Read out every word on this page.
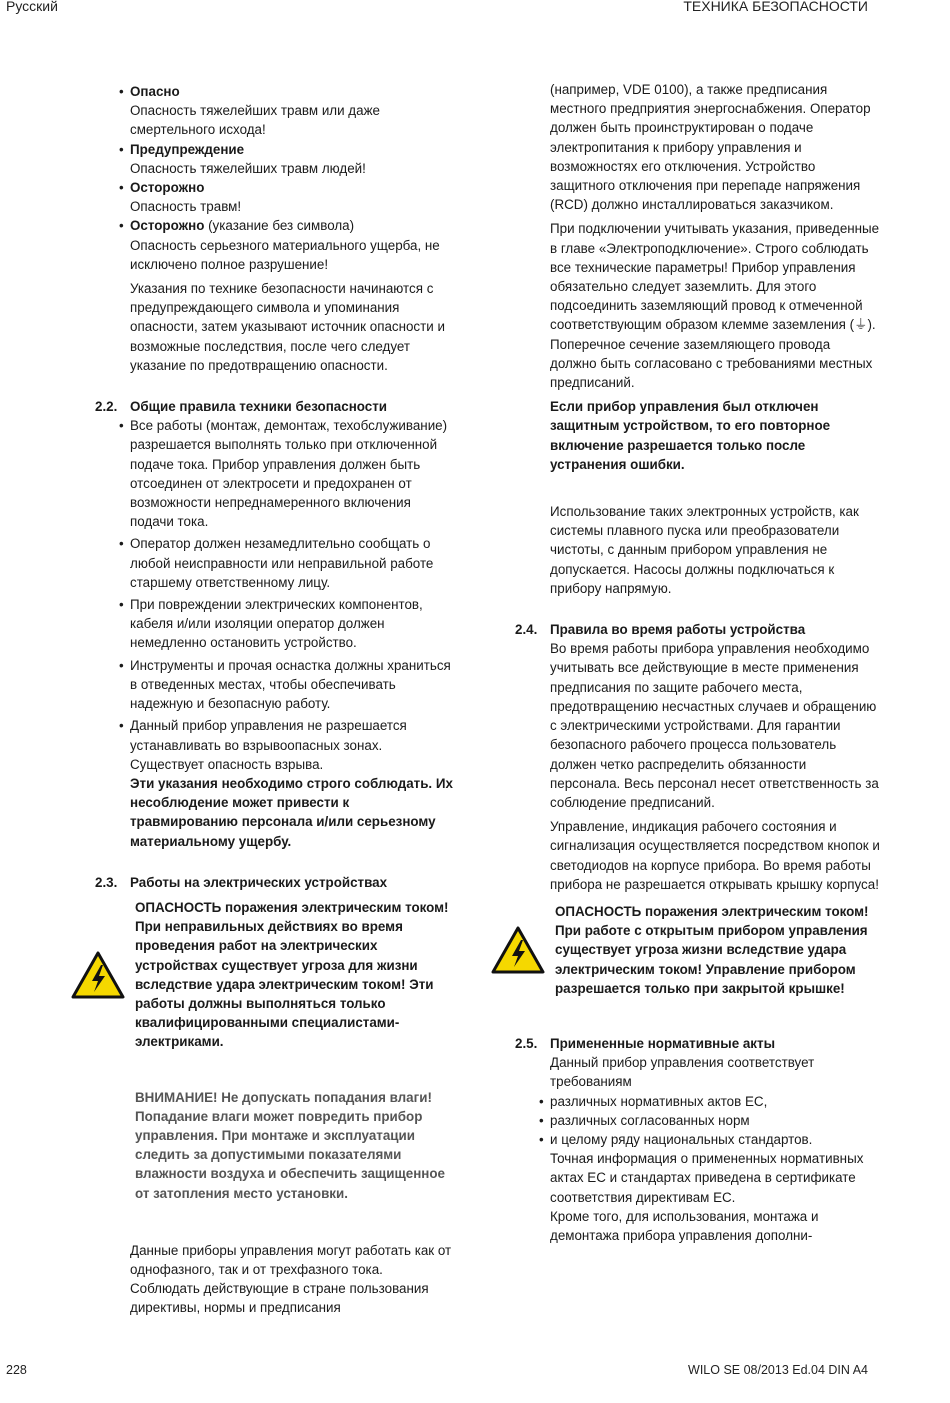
Русский	ТЕХНИКА БЕЗОПАСНОСТИ
• Опасно
Опасность тяжелейших травм или даже смертельного исхода!
• Предупреждение
Опасность тяжелейших травм людей!
• Осторожно
Опасность травм!
• Осторожно (указание без символа)
Опасность серьезного материального ущерба, не исключено полное разрушение!

Указания по технике безопасности начинаются с предупреждающего символа и упоминания опасности, затем указывают источник опасности и возможные последствия, после чего следует указание по предотвращению опасности.

2.2. Общие правила техники безопасности
• Все работы (монтаж, демонтаж, техобслуживание) разрешается выполнять только при отключенной подаче тока. Прибор управления должен быть отсоединен от электросети и предохранен от возможности непреднамеренного включения подачи тока.
• Оператор должен незамедлительно сообщать о любой неисправности или неправильной работе старшему ответственному лицу.
• При повреждении электрических компонентов, кабеля и/или изоляции оператор должен немедленно остановить устройство.
• Инструменты и прочая оснастка должны храниться в отведенных местах, чтобы обеспечивать надежную и безопасную работу.
• Данный прибор управления не разрешается устанавливать во взрывоопасных зонах. Существует опасность взрыва.

Эти указания необходимо строго соблюдать. Их несоблюдение может привести к травмированию персонала и/или серьезному материальному ущербу.

2.3. Работы на электрических устройствах

ОПАСНОСТЬ поражения электрическим током!
При неправильных действиях во время проведения работ на электрических устройствах существует угроза для жизни вследствие удара электрическим током! Эти работы должны выполняться только квалифицированными специалистами-электриками.

ВНИМАНИЕ! Не допускать попадания влаги! Попадание влаги может повредить прибор управления. При монтаже и эксплуатации следить за допустимыми показателями влажности воздуха и обеспечить защищенное от затопления место установки.

Данные приборы управления могут работать как от однофазного, так и от трехфазного тока. Соблюдать действующие в стране пользования директивы, нормы и предписания

(например, VDE 0100), а также предписания местного предприятия энергоснабжения. Оператор должен быть проинструктирован о подаче электропитания к прибору управления и возможностях его отключения. Устройство защитного отключения при перепаде напряжения (RCD) должно инсталлироваться заказчиком.

При подключении учитывать указания, приведенные в главе «Электроподключение». Строго соблюдать все технические параметры! Прибор управления обязательно следует заземлить. Для этого подсоединить заземляющий провод к отмеченной соответствующим образом клемме заземления (⏚). Поперечное сечение заземляющего провода должно быть согласовано с требованиями местных предписаний.

Если прибор управления был отключен защитным устройством, то его повторное включение разрешается только после устранения ошибки.

Использование таких электронных устройств, как системы плавного пуска или преобразователи чистоты, с данным прибором управления не допускается. Насосы должны подключаться к прибору напрямую.

2.4. Правила во время работы устройства

Во время работы прибора управления необходимо учитывать все действующие в месте применения предписания по защите рабочего места, предотвращению несчастных случаев и обращению с электрическими устройствами. Для гарантии безопасного рабочего процесса пользователь должен четко распределить обязанности персонала. Весь персонал несет ответственность за соблюдение предписаний.

Управление, индикация рабочего состояния и сигнализация осуществляется посредством кнопок и светодиодов на корпусе прибора. Во время работы прибора не разрешается открывать крышку корпуса!

ОПАСНОСТЬ поражения электрическим током!
При работе с открытым прибором управления существует угроза жизни вследствие удара электрическим током! Управление прибором разрешается только при закрытой крышке!

2.5. Примененные нормативные акты

Данный прибор управления соответствует требованиям

• различных нормативных актов ЕС,
• различных согласованных норм
• и целому ряду национальных стандартов.

Точная информация о примененных нормативных актах ЕС и стандартах приведена в сертификате соответствия директивам ЕС.

Кроме того, для использования, монтажа и демонтажа прибора управления дополни-

228	WILO SE 08/2013 Ed.04 DIN A4
